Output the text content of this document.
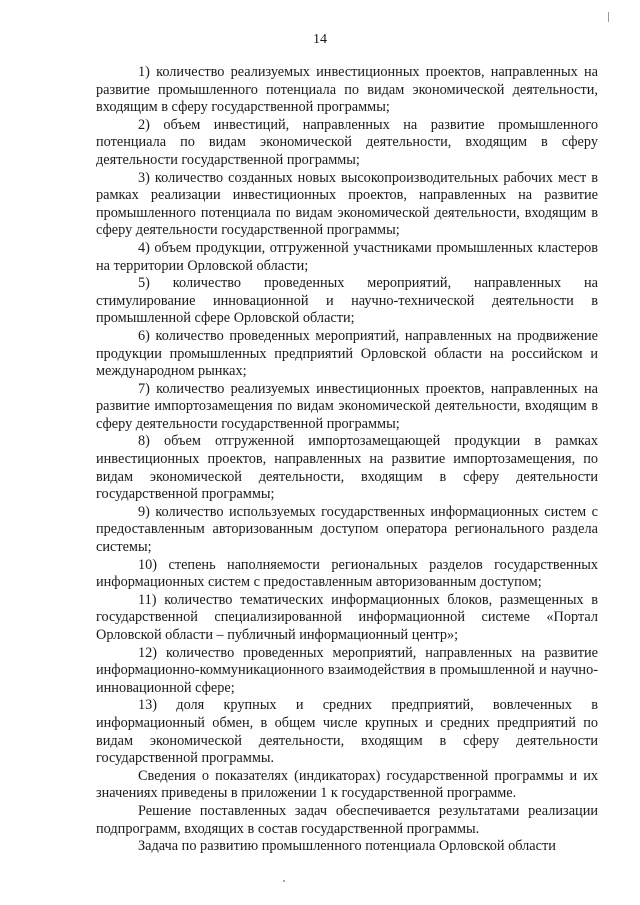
14

1) количество реализуемых инвестиционных проектов, направленных на развитие промышленного потенциала по видам экономической деятельности, входящим в сферу государственной программы;

2) объем инвестиций, направленных на развитие промышленного потенциала по видам экономической деятельности, входящим в сферу деятельности государственной программы;

3) количество созданных новых высокопроизводительных рабочих мест в рамках реализации инвестиционных проектов, направленных на развитие промышленного потенциала по видам экономической деятельности, входящим в сферу деятельности государственной программы;

4) объем продукции, отгруженной участниками промышленных кластеров на территории Орловской области;

5) количество проведенных мероприятий, направленных на стимулирование инновационной и научно-технической деятельности в промышленной сфере Орловской области;

6) количество проведенных мероприятий, направленных на продвижение продукции промышленных предприятий Орловской области на российском и международном рынках;

7) количество реализуемых инвестиционных проектов, направленных на развитие импортозамещения по видам экономической деятельности, входящим в сферу деятельности государственной программы;

8) объем отгруженной импортозамещающей продукции в рамках инвестиционных проектов, направленных на развитие импортозамещения, по видам экономической деятельности, входящим в сферу деятельности государственной программы;

9) количество используемых государственных информационных систем с предоставленным авторизованным доступом оператора регионального раздела системы;

10) степень наполняемости региональных разделов государственных информационных систем с предоставленным авторизованным доступом;

11) количество тематических информационных блоков, размещенных в государственной специализированной информационной системе «Портал Орловской области – публичный информационный центр»;

12) количество проведенных мероприятий, направленных на развитие информационно-коммуникационного взаимодействия в промышленной и научно-инновационной сфере;

13) доля крупных и средних предприятий, вовлеченных в информационный обмен, в общем числе крупных и средних предприятий по видам экономической деятельности, входящим в сферу деятельности государственной программы.

Сведения о показателях (индикаторах) государственной программы и их значениях приведены в приложении 1 к государственной программе.

Решение поставленных задач обеспечивается результатами реализации подпрограмм, входящих в состав государственной программы.

Задача по развитию промышленного потенциала Орловской области
